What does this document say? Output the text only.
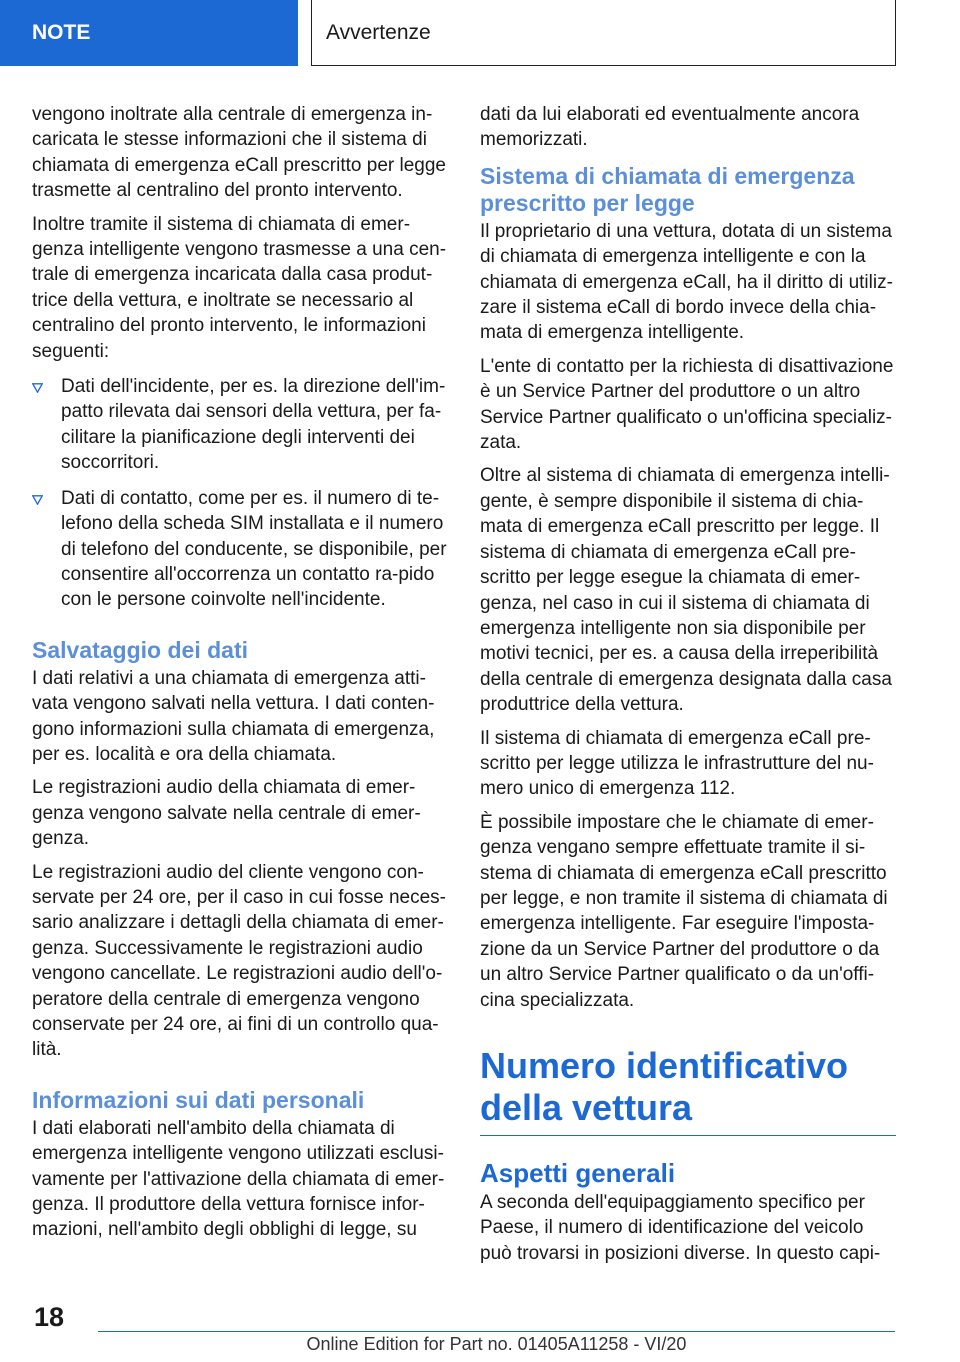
NOTE	Avvertenze

vengono inoltrate alla centrale di emergenza in-caricata le stesse informazioni che il sistema di chiamata di emergenza eCall prescritto per legge trasmette al centralino del pronto intervento.

Inoltre tramite il sistema di chiamata di emer-genza intelligente vengono trasmesse a una cen-trale di emergenza incaricata dalla casa produt-trice della vettura, e inoltrate se necessario al centralino del pronto intervento, le informazioni seguenti:

Dati dell'incidente, per es. la direzione dell'im-patto rilevata dai sensori della vettura, per fa-cilitare la pianificazione degli interventi dei soccorritori.
Dati di contatto, come per es. il numero di te-lefono della scheda SIM installata e il numero di telefono del conducente, se disponibile, per consentire all'occorrenza un contatto ra-pido con le persone coinvolte nell'incidente.
Salvataggio dei dati

I dati relativi a una chiamata di emergenza atti-vata vengono salvati nella vettura. I dati conten-gono informazioni sulla chiamata di emergenza, per es. località e ora della chiamata.

Le registrazioni audio della chiamata di emer-genza vengono salvate nella centrale di emer-genza.

Le registrazioni audio del cliente vengono con-servate per 24 ore, per il caso in cui fosse neces-sario analizzare i dettagli della chiamata di emer-genza. Successivamente le registrazioni audio vengono cancellate. Le registrazioni audio dell'o-peratore della centrale di emergenza vengono conservate per 24 ore, ai fini di un controllo qua-lità.

Informazioni sui dati personali

I dati elaborati nell'ambito della chiamata di emergenza intelligente vengono utilizzati esclusi-vamente per l'attivazione della chiamata di emer-genza. Il produttore della vettura fornisce infor-mazioni, nell'ambito degli obblighi di legge, su

dati da lui elaborati ed eventualmente ancora memorizzati.

Sistema di chiamata di emergenza prescritto per legge

Il proprietario di una vettura, dotata di un sistema di chiamata di emergenza intelligente e con la chiamata di emergenza eCall, ha il diritto di utiliz-zare il sistema eCall di bordo invece della chia-mata di emergenza intelligente.

L'ente di contatto per la richiesta di disattivazione è un Service Partner del produttore o un altro Service Partner qualificato o un'officina specializ-zata.

Oltre al sistema di chiamata di emergenza intelli-gente, è sempre disponibile il sistema di chia-mata di emergenza eCall prescritto per legge. Il sistema di chiamata di emergenza eCall pre-scritto per legge esegue la chiamata di emer-genza, nel caso in cui il sistema di chiamata di emergenza intelligente non sia disponibile per motivi tecnici, per es. a causa della irreperibilità della centrale di emergenza designata dalla casa produttrice della vettura.

Il sistema di chiamata di emergenza eCall pre-scritto per legge utilizza le infrastrutture del nu-mero unico di emergenza 112.

È possibile impostare che le chiamate di emer-genza vengano sempre effettuate tramite il si-stema di chiamata di emergenza eCall prescritto per legge, e non tramite il sistema di chiamata di emergenza intelligente. Far eseguire l'imposta-zione da un Service Partner del produttore o da un altro Service Partner qualificato o da un'offi-cina specializzata.

Numero identificativo della vettura
Aspetti generali

A seconda dell'equipaggiamento specifico per Paese, il numero di identificazione del veicolo può trovarsi in posizioni diverse. In questo capi-

18
Online Edition for Part no. 01405A11258 - VI/20
